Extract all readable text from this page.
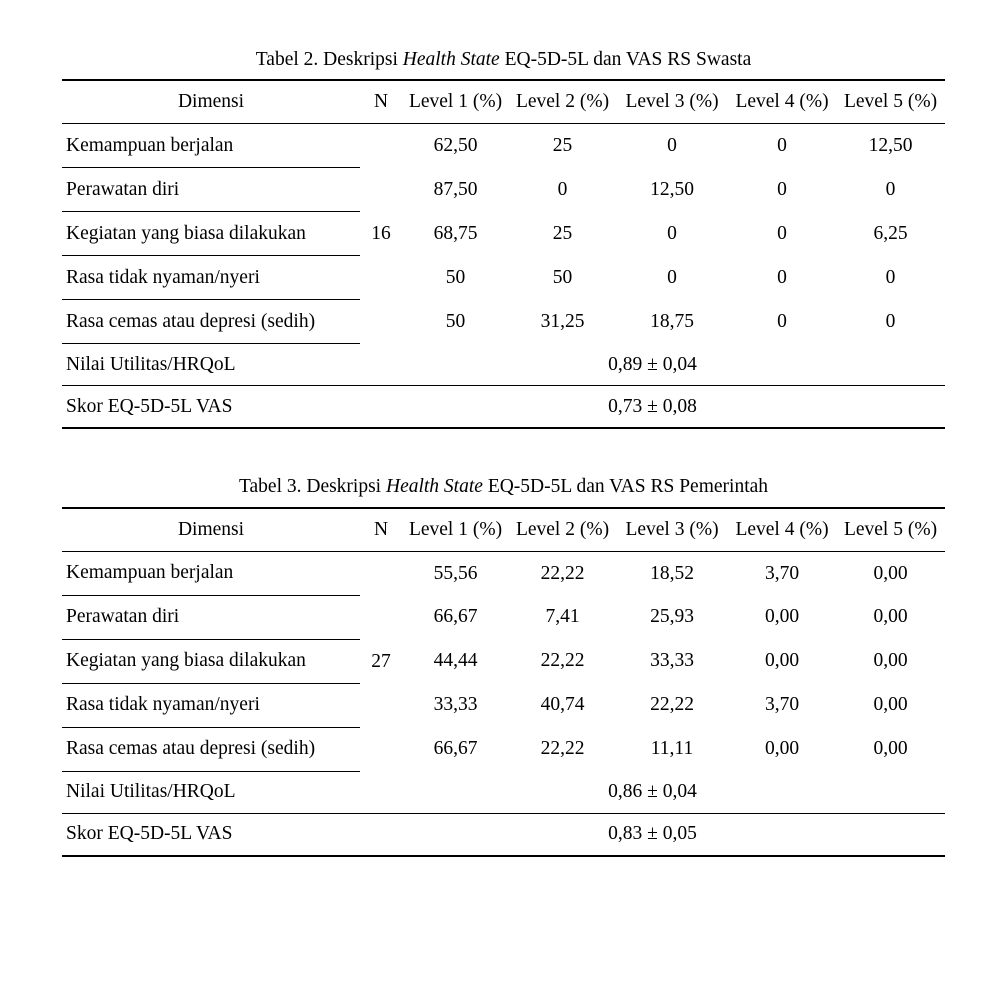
Tabel 2. Deskripsi Health State EQ-5D-5L dan VAS RS Swasta
Dimensi	N	Level 1 (%)	Level 2 (%)	Level 3 (%)	Level 4 (%)	Level 5 (%)
Kemampuan berjalan	16	62,50	25	0	0	12,50
Perawatan diri		87,50	0	12,50	0	0
Kegiatan yang biasa dilakukan		68,75	25	0	0	6,25
Rasa tidak nyaman/nyeri		50	50	0	0	0
Rasa cemas atau depresi (sedih)		50	31,25	18,75	0	0
Nilai Utilitas/HRQoL	0,89 ± 0,04					
Skor EQ-5D-5L VAS	0,73 ± 0,08					
Tabel 3. Deskripsi Health State EQ-5D-5L dan VAS RS Pemerintah
Dimensi	N	Level 1 (%)	Level 2 (%)	Level 3 (%)	Level 4 (%)	Level 5 (%)
Kemampuan berjalan	27	55,56	22,22	18,52	3,70	0,00
Perawatan diri		66,67	7,41	25,93	0,00	0,00
Kegiatan yang biasa dilakukan		44,44	22,22	33,33	0,00	0,00
Rasa tidak nyaman/nyeri		33,33	40,74	22,22	3,70	0,00
Rasa cemas atau depresi (sedih)		66,67	22,22	11,11	0,00	0,00
Nilai Utilitas/HRQoL	0,86 ± 0,04					
Skor EQ-5D-5L VAS	0,83 ± 0,05					
